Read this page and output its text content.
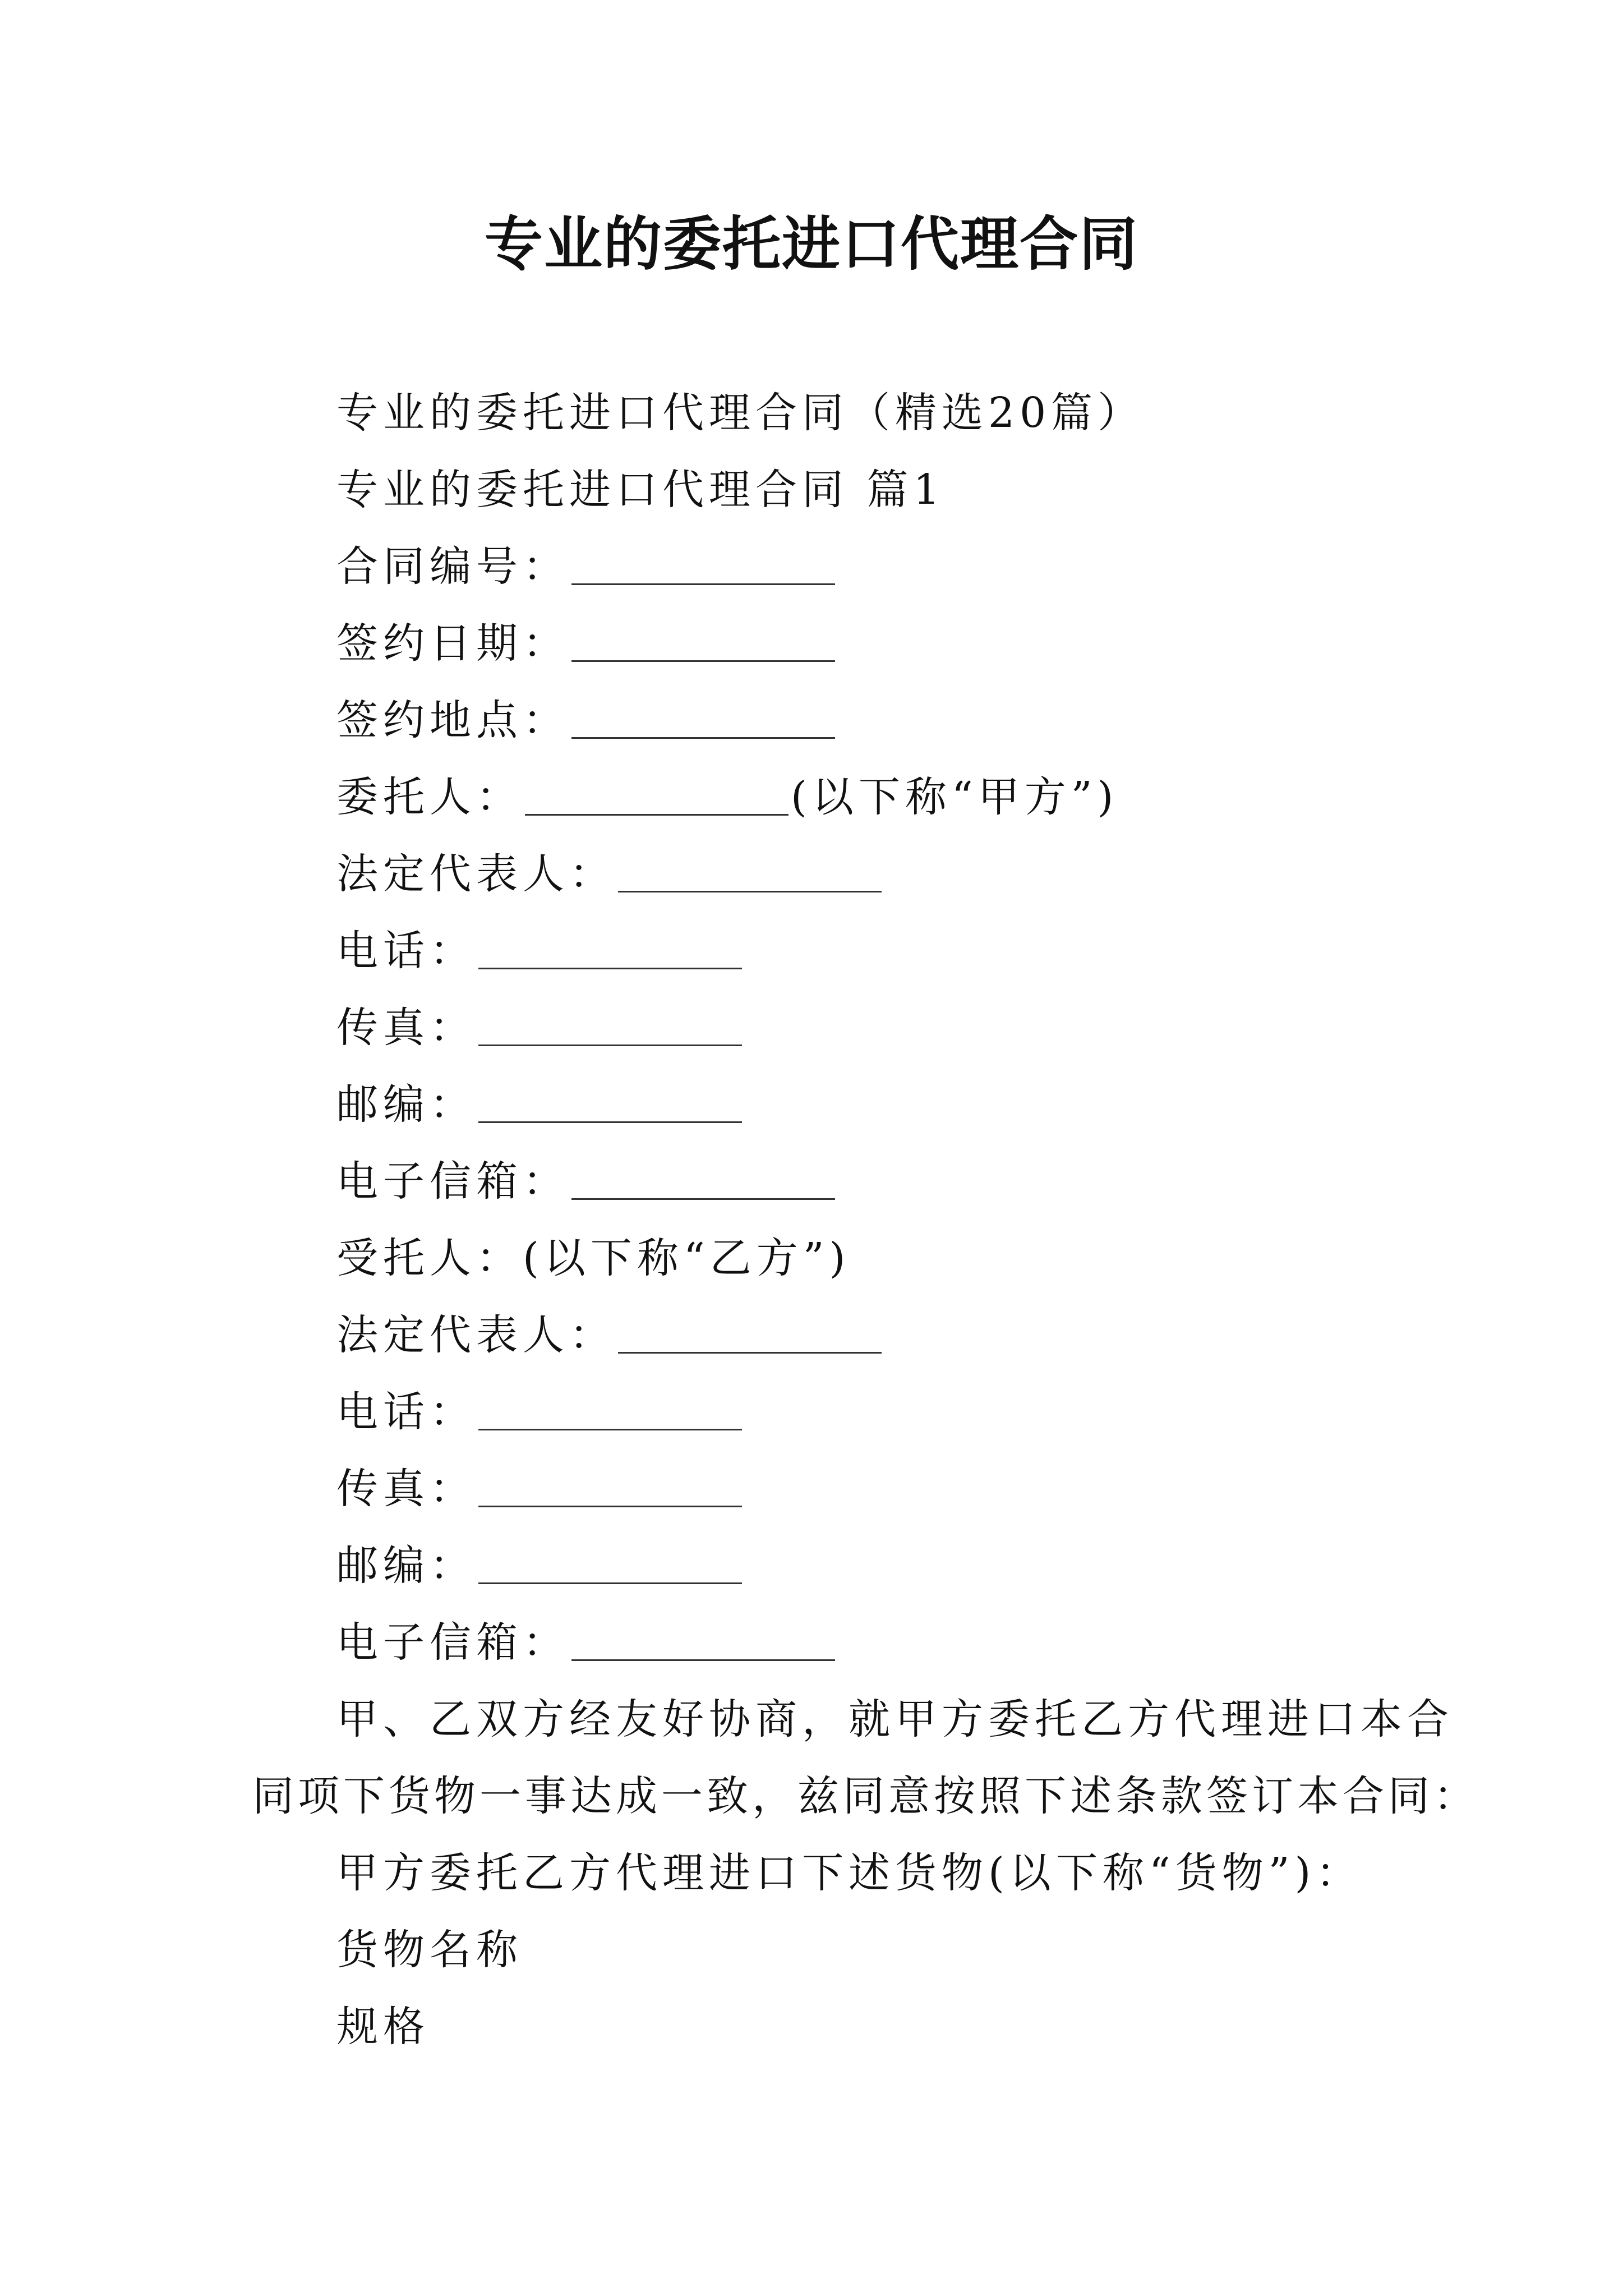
专业的委托进口代理合同
专业的委托进口代理合同（精选20篇）
专业的委托进口代理合同 篇1
合同编号：
签约日期：
签约地点：
委托人：	(以下称“甲方”)
法定代表人：
电话：
传真：
邮编：
电子信箱：
受托人：(以下称“乙方”)
法定代表人：
电话：
传真：
邮编：
电子信箱：
甲、乙双方经友好协商，就甲方委托乙方代理进口本合
同项下货物一事达成一致，兹同意按照下述条款签订本合同：
甲方委托乙方代理进口下述货物(以下称“货物”)：
货物名称
规格
